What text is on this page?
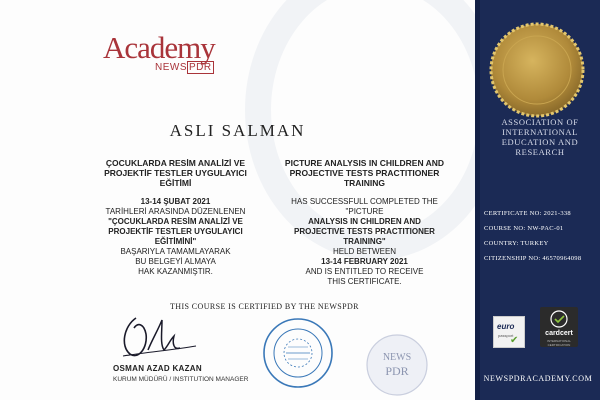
Academy
NEWS PDR
ASLI SALMAN
ÇOCUKLARDA RESİM ANALİZİ VE
PROJEKTİF TESTLER UYGULAYICI
EĞİTİMİ
13-14 ŞUBAT 2021
TARİHLERİ ARASINDA DÜZENLENEN
"ÇOCUKLARDA RESİM ANALİZİ VE
PROJEKTİF TESTLER UYGULAYICI
EĞİTİMİNİ"
BAŞARIYLA TAMAMLAYARAK
BU BELGEYİ ALMAYA
HAK KAZANMIŞTIR.
PICTURE ANALYSIS IN CHILDREN AND
PROJECTIVE TESTS PRACTITIONER
TRAINING
HAS SUCCESSFULL COMPLETED THE "PICTURE
ANALYSIS IN CHILDREN AND
PROJECTIVE TESTS PRACTITIONER
TRAINING"
HELD BETWEEN
13-14 FEBRUARY 2021
AND IS ENTITLED TO RECEIVE
THIS CERTIFICATE.
THIS COURSE IS CERTIFIED BY THE NEWSPDR
OSMAN AZAD KAZAN
KURUM MÜDÜRÜ / INSTITUTION MANAGER
NEWS
PDR
ASSOCIATION OF
INTERNATIONAL
EDUCATION AND
RESEARCH
CERTIFICATE NO: 2021-338
COURSE NO: NW-PAC-01
COUNTRY: TURKEY
CITIZENSHIP NO: 46570964098
euro
passport
✔
cardcert
INTERNATIONAL CERTIFICATION
NEWSPDRACADEMY.COM
